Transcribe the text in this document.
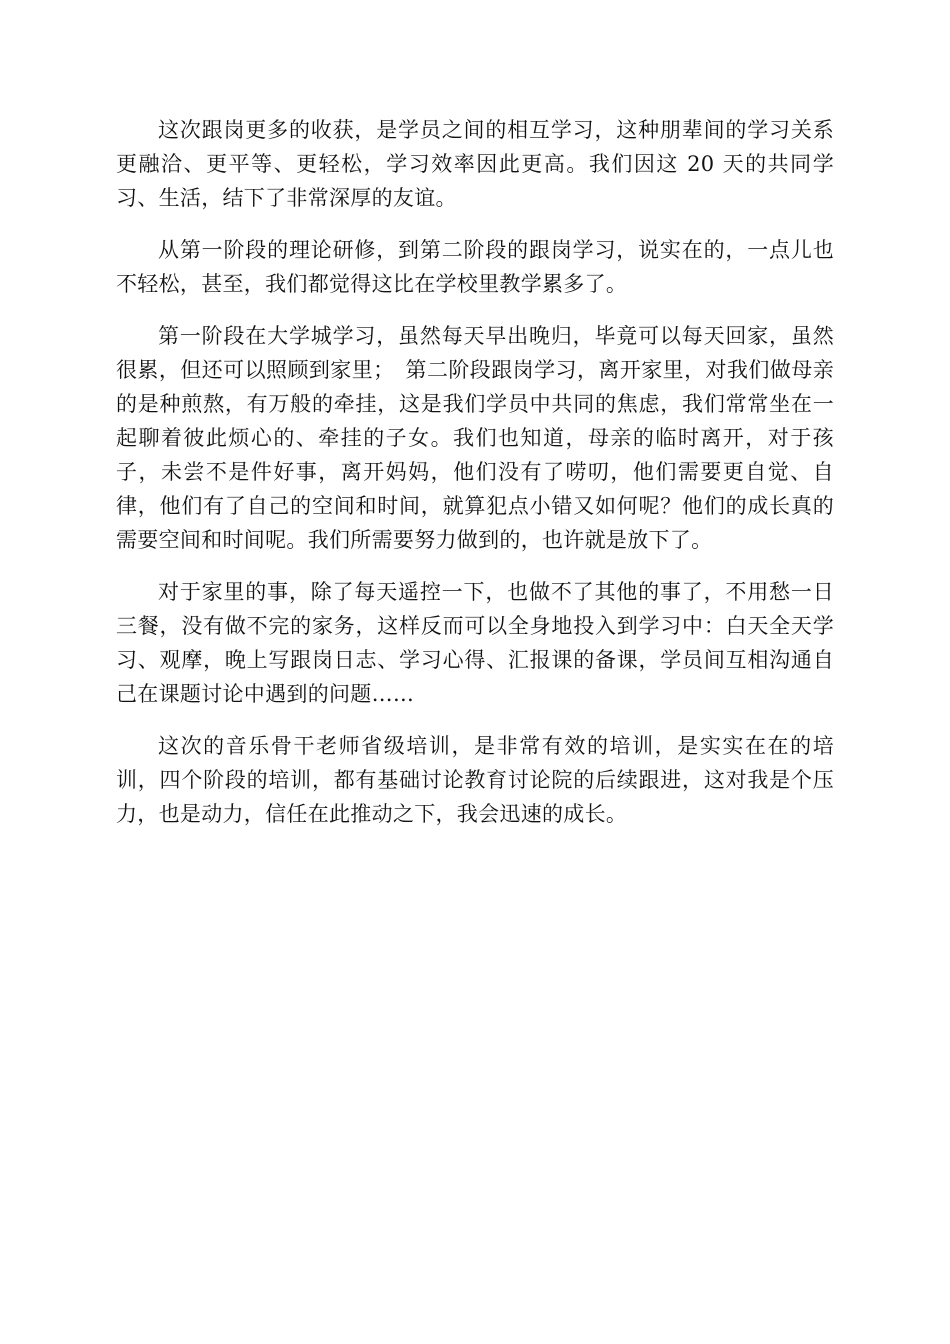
这次跟岗更多的收获，是学员之间的相互学习，这种朋辈间的学习关系更融洽、更平等、更轻松，学习效率因此更高。我们因这 20 天的共同学习、生活，结下了非常深厚的友谊。

从第一阶段的理论研修，到第二阶段的跟岗学习，说实在的，一点儿也不轻松，甚至，我们都觉得这比在学校里教学累多了。

第一阶段在大学城学习，虽然每天早出晚归，毕竟可以每天回家，虽然很累，但还可以照顾到家里；　第二阶段跟岗学习，离开家里，对我们做母亲的是种煎熬，有万般的牵挂，这是我们学员中共同的焦虑，我们常常坐在一起聊着彼此烦心的、牵挂的子女。我们也知道，母亲的临时离开，对于孩子，未尝不是件好事，离开妈妈，他们没有了唠叨，他们需要更自觉、自律，他们有了自己的空间和时间，就算犯点小错又如何呢？他们的成长真的需要空间和时间呢。我们所需要努力做到的，也许就是放下了。

对于家里的事，除了每天遥控一下，也做不了其他的事了，不用愁一日三餐，没有做不完的家务，这样反而可以全身地投入到学习中：白天全天学习、观摩，晚上写跟岗日志、学习心得、汇报课的备课，学员间互相沟通自己在课题讨论中遇到的问题……

这次的音乐骨干老师省级培训，是非常有效的培训，是实实在在的培训，四个阶段的培训，都有基础讨论教育讨论院的后续跟进，这对我是个压力，也是动力，信任在此推动之下，我会迅速的成长。
